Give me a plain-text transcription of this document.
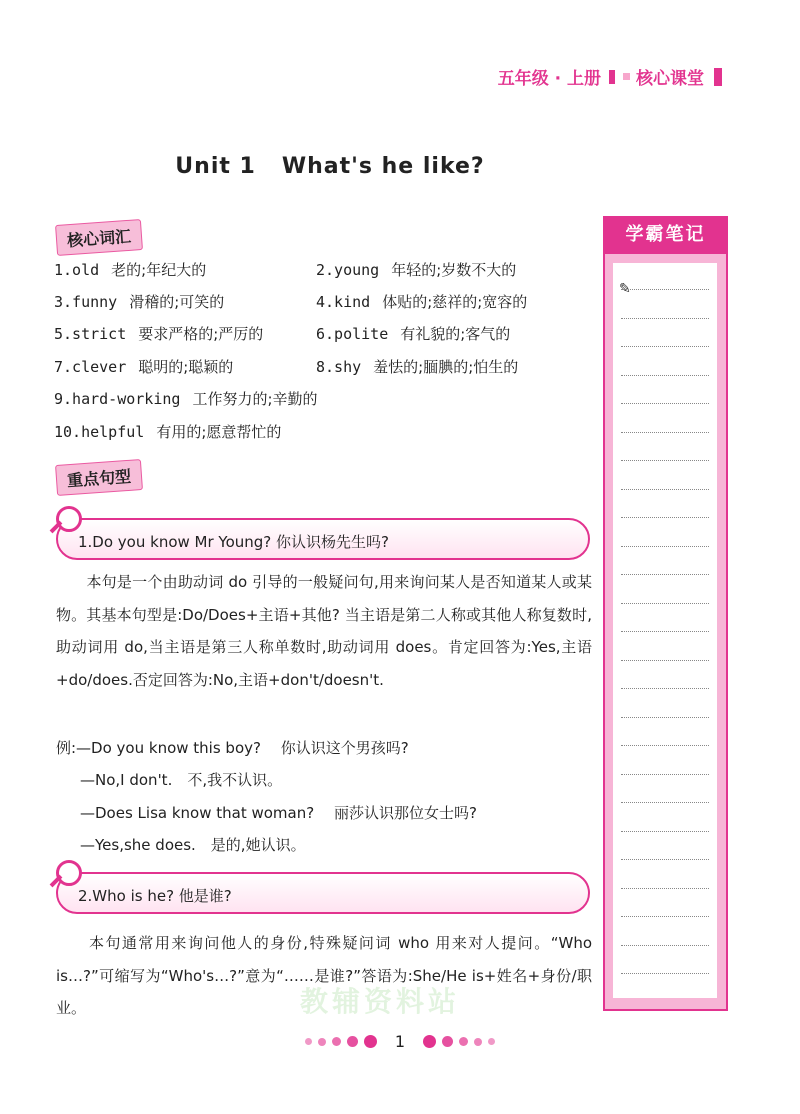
五年级 · 上册 核心课堂
Unit 1 What's he like?
核心词汇
1.old 老的;年纪大的	2.young 年轻的;岁数不大的
3.funny 滑稽的;可笑的	4.kind 体贴的;慈祥的;宽容的
5.strict 要求严格的;严厉的	6.polite 有礼貌的;客气的
7.clever 聪明的;聪颖的	8.shy 羞怯的;腼腆的;怕生的
9.hard-working 工作努力的;辛勤的
10.helpful 有用的;愿意帮忙的
重点句型
1.Do you know Mr Young? 你认识杨先生吗?
　　本句是一个由助动词 do 引导的一般疑问句,用来询问某人是否知道某人或某物。其基本句型是:Do/Does+主语+其他? 当主语是第二人称或其他人称复数时,助动词用 do,当主语是第三人称单数时,助动词用 does。肯定回答为:Yes,主语+do/does.否定回答为:No,主语+don't/doesn't.
例:—Do you know this boy?　 你认识这个男孩吗?
—No,I don't.　不,我不认识。
—Does Lisa know that woman?　 丽莎认识那位女士吗?
—Yes,she does.　是的,她认识。
2.Who is he? 他是谁?
　　本句通常用来询问他人的身份,特殊疑问词 who 用来对人提问。“Who is…?”可缩写为“Who's…?”意为“……是谁?”答语为:She/He is+姓名+身份/职业。	教辅资料站
学霸笔记
✎
1
